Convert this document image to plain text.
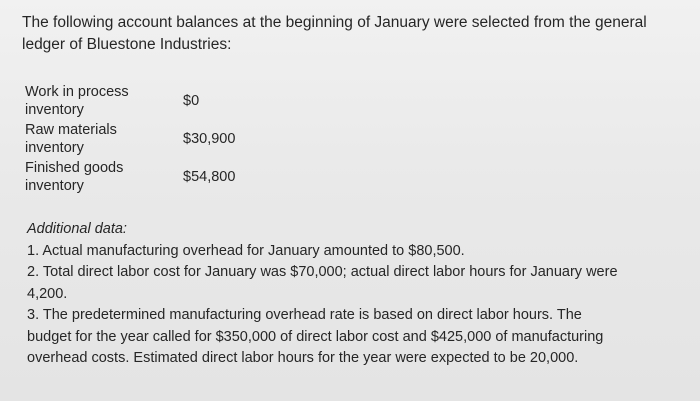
The following account balances at the beginning of January were selected from the general ledger of Bluestone Industries:
Work in process
inventory
$0
Raw materials
inventory
$30,900
Finished goods
inventory
$54,800

Additional data:

1. Actual manufacturing overhead for January amounted to $80,500.

2. Total direct labor cost for January was $70,000; actual direct labor hours for January were 4,200.

3. The predetermined manufacturing overhead rate is based on direct labor hours. The budget for the year called for $350,000 of direct labor cost and $425,000 of manufacturing overhead costs. Estimated direct labor hours for the year were expected to be 20,000.
